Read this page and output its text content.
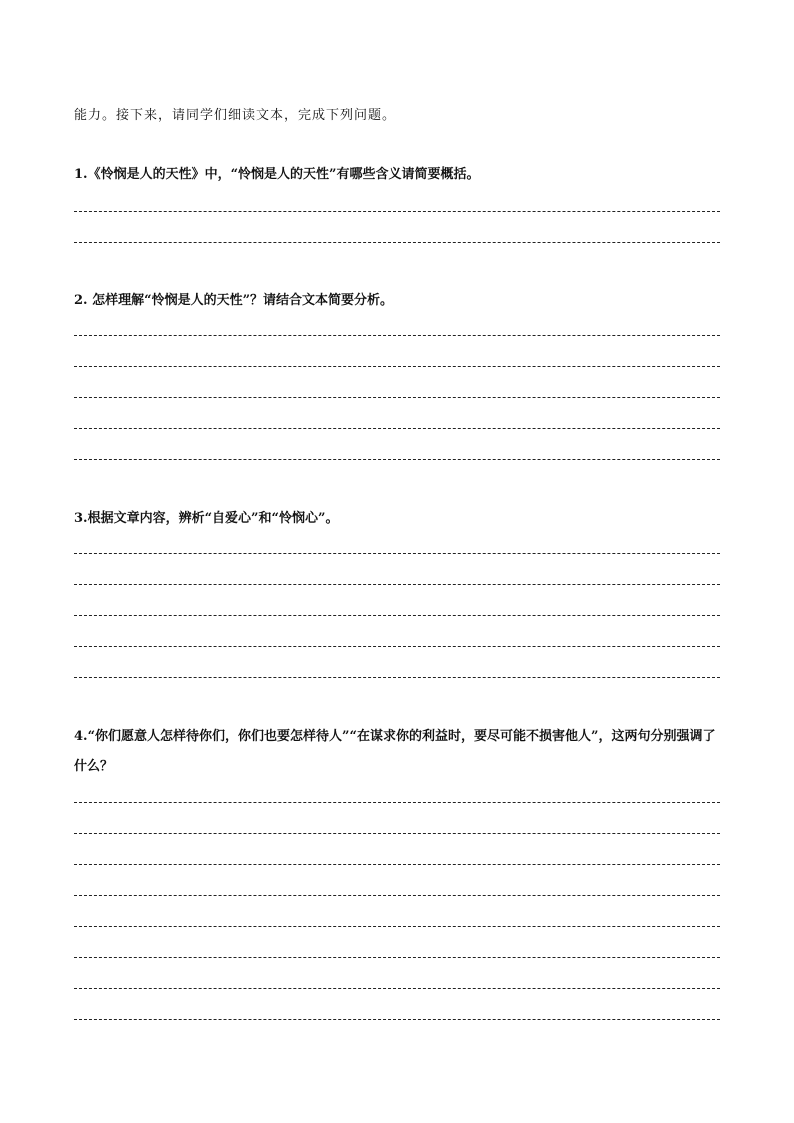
能力。接下来，请同学们细读文本，完成下列问题。
1.《怜悯是人的天性》中，“怜悯是人的天性”有哪些含义请简要概括。
2. 怎样理解“怜悯是人的天性”？请结合文本简要分析。
3.根据文章内容，辨析“自爱心”和“怜悯心”。
4.“你们愿意人怎样待你们，你们也要怎样待人”“在谋求你的利益时，要尽可能不损害他人”，这两句分别强调了什么？
